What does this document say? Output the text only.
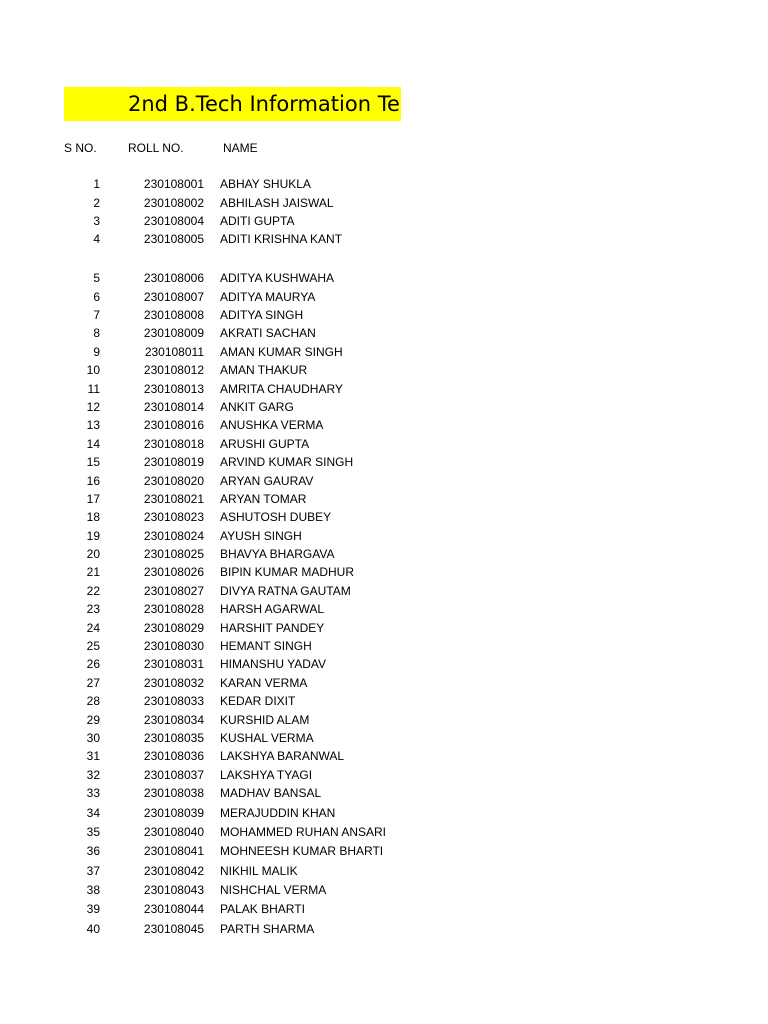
2nd B.Tech Information Te
S NO.	ROLL NO.	NAME
1	230108001 ABHAY SHUKLA
2	230108002 ABHILASH JAISWAL
3	230108004 ADITI GUPTA
4	230108005 ADITI KRISHNA KANT
5	230108006 ADITYA KUSHWAHA
6	230108007 ADITYA MAURYA
7	230108008 ADITYA SINGH
8	230108009 AKRATI SACHAN
9	230108011 AMAN KUMAR SINGH
10	230108012 AMAN THAKUR
11	230108013 AMRITA CHAUDHARY
12	230108014 ANKIT GARG
13	230108016 ANUSHKA VERMA
14	230108018 ARUSHI GUPTA
15	230108019 ARVIND KUMAR SINGH
16	230108020 ARYAN GAURAV
17	230108021 ARYAN TOMAR
18	230108023 ASHUTOSH DUBEY
19	230108024 AYUSH SINGH
20	230108025 BHAVYA BHARGAVA
21	230108026 BIPIN KUMAR MADHUR
22	230108027 DIVYA RATNA GAUTAM
23	230108028 HARSH AGARWAL
24	230108029 HARSHIT PANDEY
25	230108030 HEMANT SINGH
26	230108031 HIMANSHU YADAV
27	230108032 KARAN VERMA
28	230108033 KEDAR DIXIT
29	230108034 KURSHID ALAM
30	230108035 KUSHAL VERMA
31	230108036 LAKSHYA BARANWAL
32	230108037 LAKSHYA TYAGI
33	230108038 MADHAV BANSAL
34	230108039 MERAJUDDIN KHAN
35	230108040 MOHAMMED RUHAN ANSARI
36	230108041 MOHNEESH KUMAR BHARTI
37	230108042 NIKHIL MALIK
38	230108043 NISHCHAL VERMA
39	230108044 PALAK BHARTI
40	230108045 PARTH SHARMA
